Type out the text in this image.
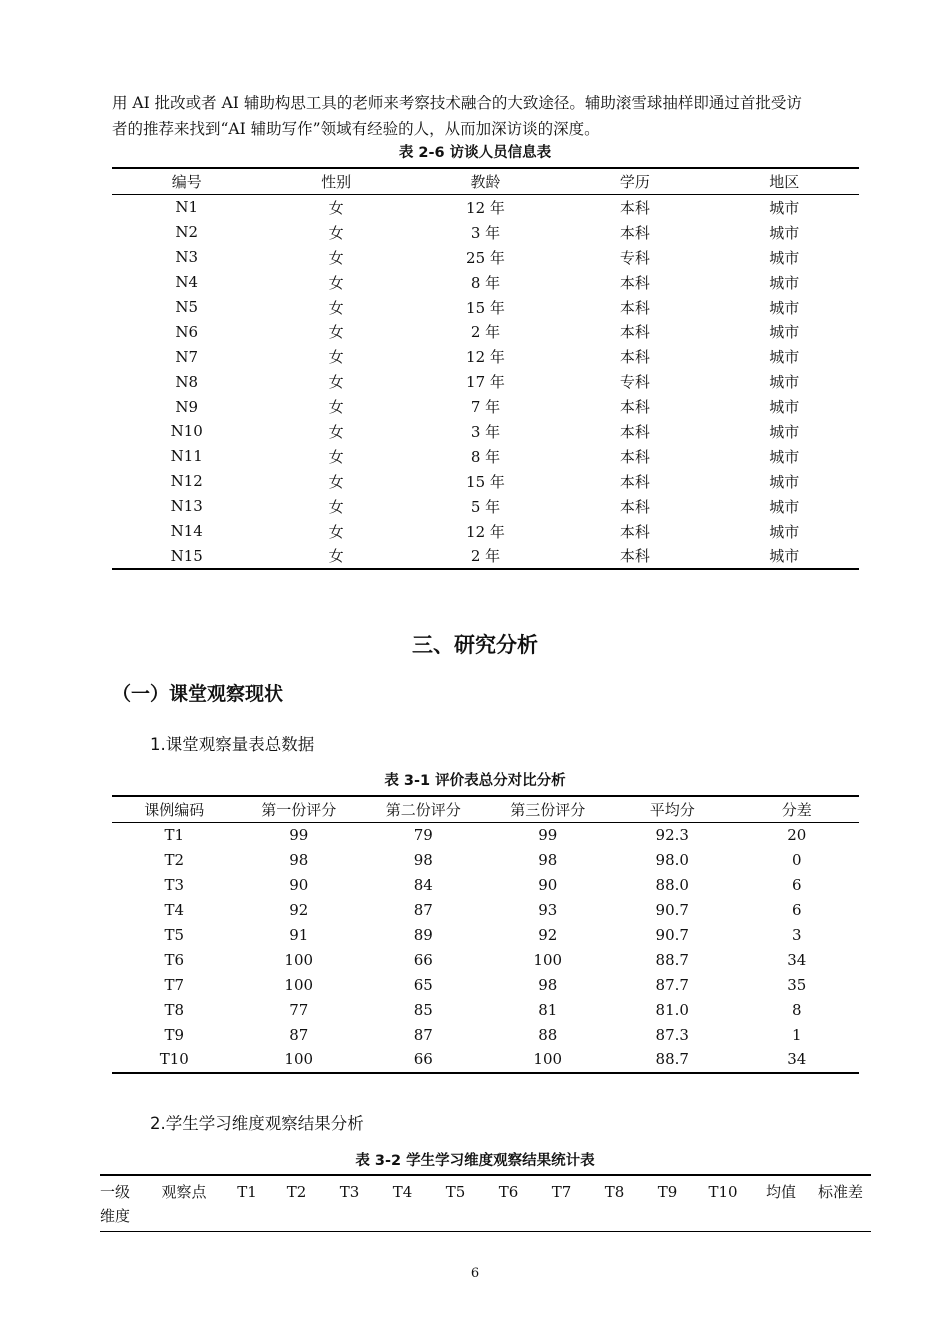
用 AI 批改或者 AI 辅助构思工具的老师来考察技术融合的大致途径。辅助滚雪球抽样即通过首批受访

者的推荐来找到“AI 辅助写作”领域有经验的人，从而加深访谈的深度。

表 2-6 访谈人员信息表
编号	性别	教龄	学历	地区
N1	女	12 年	本科	城市
N2	女	3 年	本科	城市
N3	女	25 年	专科	城市
N4	女	8 年	本科	城市
N5	女	15 年	本科	城市
N6	女	2 年	本科	城市
N7	女	12 年	本科	城市
N8	女	17 年	专科	城市
N9	女	7 年	本科	城市
N10	女	3 年	本科	城市
N11	女	8 年	本科	城市
N12	女	15 年	本科	城市
N13	女	5 年	本科	城市
N14	女	12 年	本科	城市
N15	女	2 年	本科	城市
三、研究分析
（一）课堂观察现状
1.课堂观察量表总数据
表 3-1 评价表总分对比分析
课例编码	第一份评分	第二份评分	第三份评分	平均分	分差
T1	99	79	99	92.3	20
T2	98	98	98	98.0	0
T3	90	84	90	88.0	6
T4	92	87	93	90.7	6
T5	91	89	92	90.7	3
T6	100	66	100	88.7	34
T7	100	65	98	87.7	35
T8	77	85	81	81.0	8
T9	87	87	88	87.3	1
T10	100	66	100	88.7	34
2.学生学习维度观察结果分析
表 3-2 学生学习维度观察结果统计表
一级维度	观察点	T1	T2	T3	T4	T5	T6	T7	T8	T9	T10	均值	标准差
6
